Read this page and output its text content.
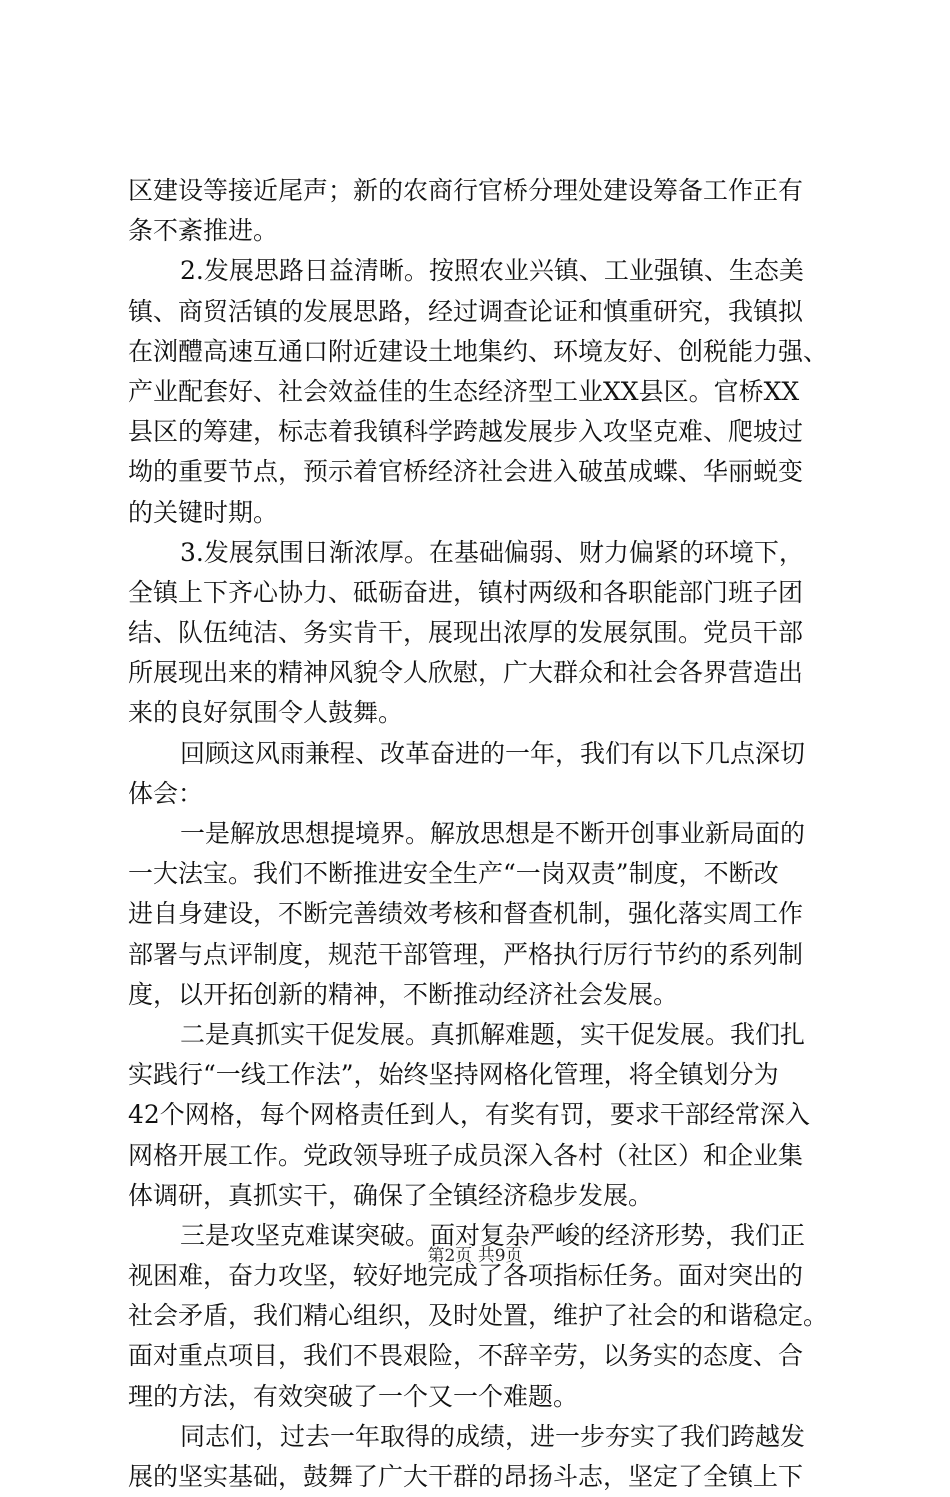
区建设等接近尾声；新的农商行官桥分理处建设筹备工作正有
条不紊推进。
2.发展思路日益清晰。按照农业兴镇、工业强镇、生态美
镇、商贸活镇的发展思路，经过调查论证和慎重研究，我镇拟
在浏醴高速互通口附近建设土地集约、环境友好、创税能力强、
产业配套好、社会效益佳的生态经济型工业XX县区。官桥XX
县区的筹建，标志着我镇科学跨越发展步入攻坚克难、爬坡过
坳的重要节点，预示着官桥经济社会进入破茧成蝶、华丽蜕变
的关键时期。
3.发展氛围日渐浓厚。在基础偏弱、财力偏紧的环境下，
全镇上下齐心协力、砥砺奋进，镇村两级和各职能部门班子团
结、队伍纯洁、务实肯干，展现出浓厚的发展氛围。党员干部
所展现出来的精神风貌令人欣慰，广大群众和社会各界营造出
来的良好氛围令人鼓舞。
回顾这风雨兼程、改革奋进的一年，我们有以下几点深切
体会：
一是解放思想提境界。解放思想是不断开创事业新局面的
一大法宝。我们不断推进安全生产“一岗双责”制度，不断改
进自身建设，不断完善绩效考核和督查机制，强化落实周工作
部署与点评制度，规范干部管理，严格执行厉行节约的系列制
度，以开拓创新的精神，不断推动经济社会发展。
二是真抓实干促发展。真抓解难题，实干促发展。我们扎
实践行“一线工作法”，始终坚持网格化管理，将全镇划分为
42个网格，每个网格责任到人，有奖有罚，要求干部经常深入
网格开展工作。党政领导班子成员深入各村（社区）和企业集
体调研，真抓实干，确保了全镇经济稳步发展。
三是攻坚克难谋突破。面对复杂严峻的经济形势，我们正
视困难，奋力攻坚，较好地完成了各项指标任务。面对突出的
社会矛盾，我们精心组织，及时处置，维护了社会的和谐稳定。
面对重点项目，我们不畏艰险，不辞辛劳，以务实的态度、合
理的方法，有效突破了一个又一个难题。
同志们，过去一年取得的成绩，进一步夯实了我们跨越发
展的坚实基础，鼓舞了广大干群的昂扬斗志，坚定了全镇上下
第2页 共9页
